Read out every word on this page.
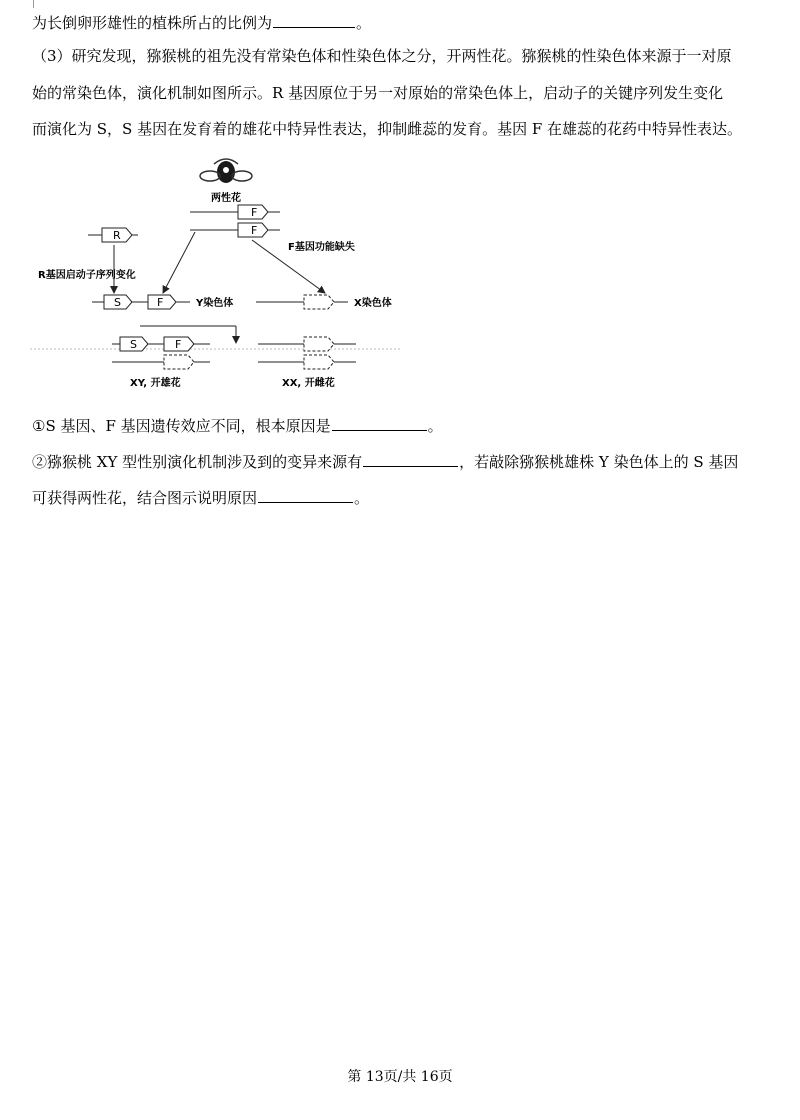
为长倒卵形雄性的植株所占的比例为	。
（3）研究发现，猕猴桃的祖先没有常染色体和性染色体之分，开两性花。猕猴桃的性染色体来源于一对原
始的常染色体，演化机制如图所示。R 基因原位于另一对原始的常染色体上，启动子的关键序列发生变化
而演化为 S，S 基因在发育着的雄花中特异性表达，抑制雌蕊的发育。基因 F 在雄蕊的花药中特异性表达。
两性花
F
F
R
R基因启动子序列变化
F基因功能缺失
S	F	Y染色体	X染色体
S	F
XY, 开雄花	XX, 开雌花
①S 基因、F 基因遗传效应不同，根本原因是	。
②猕猴桃 XY 型性别演化机制涉及到的变异来源有	，若敲除猕猴桃雄株 Y 染色体上的 S 基因
可获得两性花，结合图示说明原因	。
第 13页/共 16页
